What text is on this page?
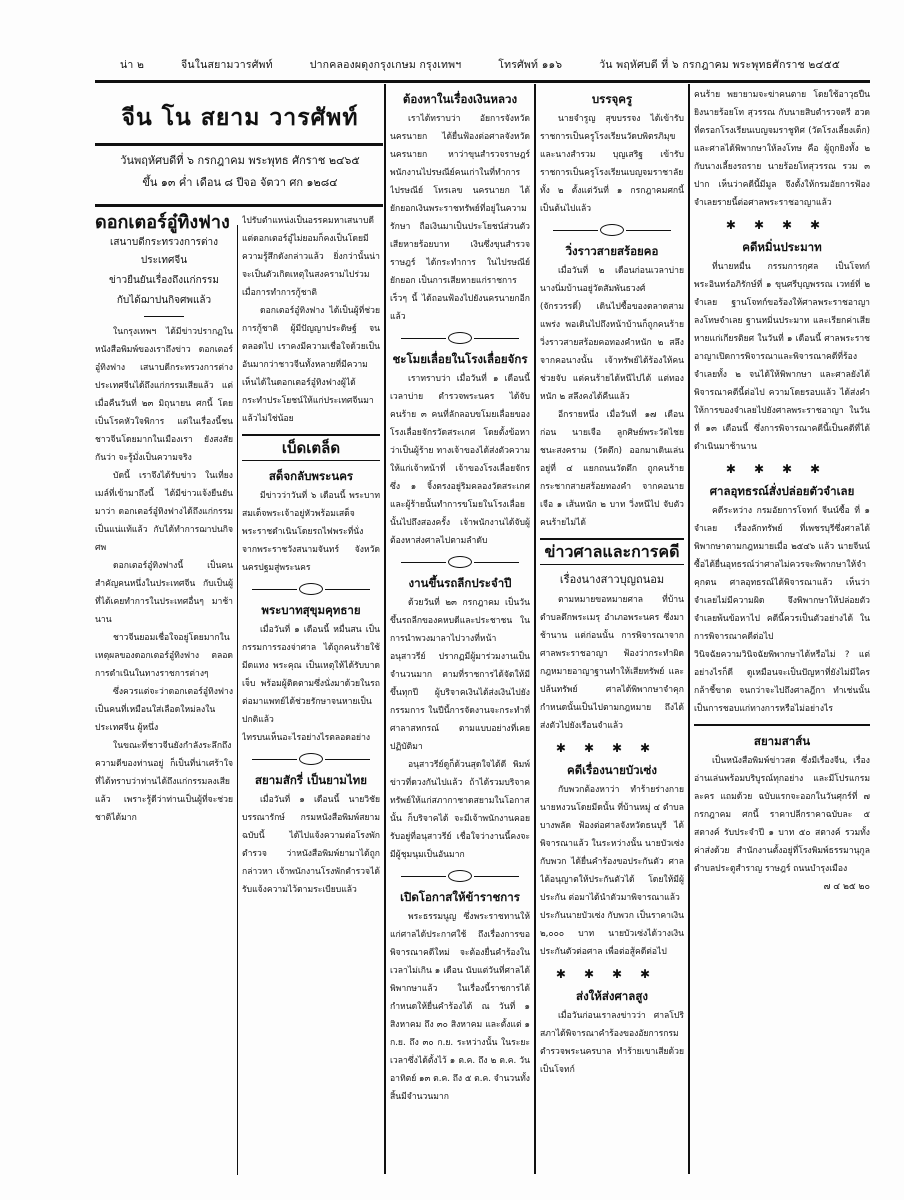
น่า ๒	จีนในสยามวารศัพท์	ปากคลองผดุงกรุงเกษม กรุงเทพฯ	โทรศัพท์ ๑๑๖	วัน พฤหัศบดี ที่ ๖ กรกฎาคม พระพุทธศักราช ๒๔๕๕
จีน โน สยาม วารศัพท์
วันพฤหัศบดีที่ ๖ กรกฎาคม พระพุทธ ศักราช ๒๔๖๕
ขึ้น ๑๓ ค่ำ เดือน ๘ ปีจอ จัตวา ศก ๑๒๘๔
ดอกเตอร์อู๋ทิงฟาง
เสนาบดีกระทรวงการต่างประเทศจีน
ข่าวยืนยันเรื่องถึงแก่กรรม
กับได้ฌาปนกิจศพแล้ว

ในกรุงเทพฯ ได้มีข่าวปรากฏในหนังสือพิมพ์ของเราถึงข่าว ดอกเตอร์อู๋ทิงฟาง เสนาบดีกระทรวงการต่างประเทศจีนได้ถึงแก่กรรมเสียแล้ว แต่เมื่อคืนวันที่ ๒๓ มิถุนายน ศกนี้ โดยเป็นโรคหัวใจพิการ แต่ในเรื่องนี้ชนชาวจีนโดยมากในเมืองเรา ยังสงสัยกันว่า จะรู้มั่งเป็นความจริง

บัดนี้ เราจึงได้รับข่าว ในเที่ยงเมล์ที่เข้ามาถึงนี้ ได้มีข่าวแจ้งยืนยันมาว่า ดอกเตอร์อู๋ทิงฟางได้ถึงแก่กรรมเป็นแน่แท้แล้ว กับได้ทำการฌาปนกิจศพ

ดอกเตอร์อู๋ทิงฟางนี้ เป็นคนสำคัญคนหนึ่งในประเทศจีน กับเป็นผู้ที่ได้เคยทำการในประเทศอื่นๆ มาช้านาน

ชาวจีนยอมเชื่อใจอยู่โดยมากในเหตุผลของดอกเตอร์อู๋ทิงฟาง ตลอดการดำเนินในทางราชการต่างๆ

ซึ่งควรแต่จะว่าดอกเตอร์อู๋ทิงฟางเป็นคนที่เหมือนใส่เลือดใหม่ลงในประเทศจีน ผู้หนึ่ง

ในขณะที่ชาวจีนยังกำลังระลึกถึงความดีของท่านอยู่ ก็เป็นที่น่าเศร้าใจ ที่ได้ทราบว่าท่านได้ถึงแก่กรรมลงเสียแล้ว เพราะรู้ดีว่าท่านเป็นผู้ที่จะช่วยชาติได้มาก

ไปรับตำแหน่งเป็นอรรคมหาเสนาบดี แต่ดอกเตอร์อู๋ไม่ยอมก็คงเป็นโดยมีความรู้สึกดังกล่าวแล้ว ยิ่งกว่านั้นน่าจะเป็นตัวเกิดเหตุในสงครามไปร่วมเมื่อการทำการกู้ชาติ

ดอกเตอร์อู๋ทิงฟาง ได้เป็นผู้ที่ช่วยการกู้ชาติ ผู้มีปัญญาประดิษฐ์ จนตลอดไป เราคงมีความเชื่อใจด้วยเป็นอันมากว่าชาวจีนทั้งหลายที่มีความเห็นได้ในดอกเตอร์อู๋ทิงฟางผู้ได้กระทำประโยชน์ให้แก่ประเทศจีนมาแล้วไม่ใช่น้อย

เบ็ดเตล็ด
สด็จกลับพระนคร

มีข่าวว่าวันที่ ๖ เดือนนี้ พระบาทสมเด็จพระเจ้าอยู่หัวพร้อมเสด็จพระราชดำเนินโดยรถไฟพระที่นั่ง จากพระราชวังสนามจันทร์ จังหวัดนครปฐมสู่พระนคร

พระบาทสุขุมคุทธาย

เมื่อวันที่ ๑ เดือนนี้ หมื่นสน เป็นกรรมการรองจ่าศาล ได้ถูกคนร้ายใช้มีดแทง พระคุณ เป็นเหตุให้ได้รับบาดเจ็บ พร้อมผู้ติดตามซึ่งนั่งมาด้วยในรถ ต่อมาแพทย์ได้ช่วยรักษาจนหายเป็นปกติแล้ว

ไทรบนเห็นอะไรอย่างไรตลอดอย่าง

สยามสักรี่ เป็นยามไทย

เมื่อวันที่ ๑ เดือนนี้ นายวิชัย บรรณารักษ์ กรมหนังสือพิมพ์สยาม ฉบับนี้ ได้ไปแจ้งความต่อโรงพักตำรวจ ว่าหนังสือพิมพ์ยามาได้ถูกกล่าวหา เจ้าพนักงานโรงพักตำรวจได้รับแจ้งความไว้ตามระเบียบแล้ว

ต้องหาในเรื่องเงินหลวง

เราได้ทราบว่า อัยการจังหวัดนครนายก ได้ยื่นฟ้องต่อศาลจังหวัดนครนายก หาว่าขุนสำรวจราษฎร์ พนักงานไปรษณีย์คนเก่าในที่ทำการไปรษณีย์ โทรเลข นครนายก ได้ยักยอกเงินพระราชทรัพย์ที่อยู่ในความรักษา ถือเงินมาเป็นประโยชน์ส่วนตัว เสียหายร้อยบาท เงินซึ่งขุนสำรวจราษฎร์ ได้กระทำการ ในไปรษณีย์ยักยอก เป็นการเสียหายแก่ราชการ

เร็วๆ นี้ ได้ถอนฟ้องไปยังนครนายกอีกแล้ว

ชะโมยเลื่อยในโรงเลื่อยจักร

เราทราบว่า เมื่อวันที่ ๑ เดือนนี้ เวลาบ่าย ตำรวจพระนคร ได้จับคนร้าย ๓ คนที่ลักลอบขโมยเลื่อยของโรงเลื่อยจักรวัดสระเกศ โดยตั้งข้อหาว่าเป็นผู้ร้าย ทางเจ้าของได้ส่งตัวความให้แก่เจ้าหน้าที่ เจ้าของโรงเลื่อยจักร ซึ่ง ๑ จิ้งตรงอยู่ริมคลองวัดสระเกศ และผู้ร้ายนั้นทำการขโมยในโรงเลื่อยนั้นไปถึงสองครั้ง เจ้าพนักงานได้จับผู้ต้องหาส่งศาลไปตามลำดับ

งานขึ้นรถลีกประจำปี

ด้วยวันที่ ๒๓ กรกฎาคม เป็นวันขึ้นรถลีกของคหบดีและประชาชน ในการนำพวงมาลาไปวางที่หน้าอนุสาวรีย์ ปรากฏมีผู้มาร่วมงานเป็นจำนวนมาก ตามที่ราชการได้จัดให้มีขึ้นทุกปี ผู้บริจาคเงินได้ส่งเงินไปยังกรรมการ ในปีนี้การจัดงานจะกระทำที่ศาลาสหกรณ์ ตามแบบอย่างที่เคยปฏิบัติมา

อนุสาวรีย์ดูก็ด้วนสุดใจได้ดี พิมพ์ข่าวที่ดวงกันไปแล้ว ถ้าได้รวมบริจาคทรัพย์ให้แก่สภากาชาดสยามในโอกาสนั้น ก็บริจาคได้ จะมีเจ้าพนักงานคอยรับอยู่ที่อนุสาวรีย์ เชื่อใจว่างานนี้คงจะมีผู้ชุมนุมเป็นอันมาก

เปิดโอกาสให้ข้าราชการ

พระธรรมนูญ ซึ่งพระราชทานให้แก่ศาลได้ประกาศใช้ ถึงเรื่องการขอพิจารณาคดีใหม่ จะต้องยื่นคำร้องในเวลาไม่เกิน ๑ เดือน นับแต่วันที่ศาลได้พิพากษาแล้ว ในเรื่องนี้ราชการได้กำหนดให้ยื่นคำร้องได้ ณ วันที่ ๑ สิงหาคม ถึง ๓๐ สิงหาคม และตั้งแต่ ๑ ก.ย. ถึง ๓๐ ก.ย. ระหว่างนั้น ในระยะเวลาซึ่งได้ตั้งไว้ ๑ ต.ค. ถึง ๒ ต.ค. วันอาทิตย์ ๑๓ ต.ค. ถึง ๕ ต.ค. จำนวนทั้งสิ้นมีจำนวนมาก

บรรจุครู

นายจำรูญ สุขบรรจง ได้เข้ารับราชการเป็นครูโรงเรียนวัดบพิตรภิมุข และนางสำรวม บุญเสริฐ เข้ารับราชการเป็นครูโรงเรียนเบญจมราชาลัย ทั้ง ๒ ตั้งแต่วันที่ ๑ กรกฎาคมศกนี้เป็นต้นไปแล้ว

วิ่งราวสายสร้อยคอ

เมื่อวันที่ ๒ เดือนก่อนเวลาบ่าย นางนิ่มบ้านอยู่วัดสัมพันธวงศ์ (จักรวรรดิ์) เดินไปซื้อของตลาดสามแพร่ง พอเดินไปถึงหน้าบ้านก็ถูกคนร้ายวิ่งราวสายสร้อยคอทองคำหนัก ๒ สลึง จากคอนางนั้น เจ้าทรัพย์ได้ร้องให้คนช่วยจับ แต่คนร้ายได้หนีไปได้ แต่ทองหนัก ๒ สลึงคงได้คืนแล้ว

อีกรายหนึ่ง เมื่อวันที่ ๑๗ เดือนก่อน นายเจือ ลูกศิษย์พระวัดไชยชนะสงคราม (วัดตึก) ออกมาเดินเล่นอยู่ที่ ๔ แยกถนนวัดตึก ถูกคนร้ายกระชากสายสร้อยทองคำ จากคอนายเจือ ๑ เส้นหนัก ๒ บาท วิ่งหนีไป จับตัวคนร้ายไม่ได้

ข่าวศาลและการคดี
เรื่องนางสาวบุญถนอม

ตามหมายขอหมายศาล ที่บ้านตำบลตึกพระเมรุ อำเภอพระนคร ซึ่งมาช้านาน แต่ก่อนนั้น การพิจารณาจากศาลพระราชอาญา ฟ้องว่ากระทำผิดกฎหมายอาญาฐานทำให้เสียทรัพย์ และปล้นทรัพย์ ศาลได้พิพากษาจำคุกกำหนดนั้นเป็นไปตามกฎหมาย ถึงได้ส่งตัวไปยังเรือนจำแล้ว

✱✱✱✱
คดีเรื่องนายบัวเซ่ง

กับพวกต้องหาว่า ทำร้ายร่างกายนายหงวนโดยมีดนั้น ที่บ้านหมู่ ๔ ตำบลบางพลัด ฟ้องต่อศาลจังหวัดธนบุรี ได้พิจารณาแล้ว ในระหว่างนั้น นายบัวเซ่งกับพวก ได้ยื่นคำร้องขอประกันตัว ศาลได้อนุญาตให้ประกันตัวได้ โดยให้มีผู้ประกัน ต่อมาได้นำตัวมาพิจารณาแล้ว

ประกันนายบัวเซ่ง กับพวก เป็นราคาเงิน ๒,๐๐๐ บาท นายบัวเซ่งได้วางเงินประกันตัวต่อศาล เพื่อต่อสู้คดีต่อไป

✱✱✱✱
ส่งให้ส่งศาลสูง

เมื่อวันก่อนเราลงข่าวว่า ศาลโปริสภาได้พิจารณาคำร้องของอัยการกรมตำรวจพระนครบาล ทำร้ายเขาเสียด้วยเป็นโจทก์

คนร้าย พยายามจะฆ่าคนตาย โดยใช้อาวุธปืนยิงนายร้อยโท สุวรรณ กับนายสิบตำรวจตรี ฮวดที่ตรอกโรงเรียนเบญจมราชูทิศ (วัดโรงเลี้ยงเด็ก) และศาลได้พิพากษาให้ลงโทษ คือ ผู้ถูกยิงทั้ง ๒ กับนางเลี้ยงรถราย นายร้อยโทสุวรรณ รวม ๓ ปาก เห็นว่าคดีนี้มีมูล จึงตั้งให้กรมอัยการฟ้องจำเลยรายนี้ต่อศาลพระราชอาญาแล้ว

✱✱✱✱
คดีหมิ่นประมาท

ที่นายหมื่น กรรมการกุศล เป็นโจทก์ พระอินทร์อภิรักษ์ที่ ๑ ขุนศรีบุญพรรณ เวทย์ที่ ๒ จำเลย ฐานโจทก์ขอร้องให้ศาลพระราชอาญาลงโทษจำเลย ฐานหมิ่นประมาท และเรียกค่าเสียหายแก่เกียรติยศ ในวันที่ ๑ เดือนนี้ ศาลพระราชอาญาเปิดการพิจารณาและพิจารณาคดีที่ร้องจำเลยทั้ง ๒ จนได้ให้พิพากษา และศาลยังได้พิจารณาคดีนี้ต่อไป ความโดยรอบแล้ว ได้ส่งคำให้การของจำเลยไปยังศาลพระราชอาญา ในวันที่ ๑๓ เดือนนี้ ซึ่งการพิจารณาคดีนี้เป็นคดีที่ได้ดำเนินมาช้านาน

✱✱✱✱
ศาลอุทธรณ์สั่งปล่อยตัวจำเลย

คดีระหว่าง กรมอัยการโจทก์ จีนน์ซื้อ ที่ ๑ จำเลย เรื่องลักทรัพย์ ที่เพชรบุรีซึ่งศาลได้พิพากษาตามกฎหมายเมื่อ ๒๕๔๖ แล้ว นายจีนน์ซื้อได้ยื่นอุทธรณ์ว่าศาลไม่ควรจะพิพากษาให้จำคุกตน ศาลอุทธรณ์ได้พิจารณาแล้ว เห็นว่าจำเลยไม่มีความผิด จึงพิพากษาให้ปล่อยตัวจำเลยพ้นข้อหาไป คดีนี้ควรเป็นตัวอย่างได้ ในการพิจารณาคดีต่อไป

วินิจฉัยความวินิจฉัยพิพากษาได้หรือไม่ ? แต่อย่างไรก็ดี ดูเหมือนจะเป็นปัญหาที่ยังไม่มีใครกล้าชี้ขาด จนกว่าจะไปถึงศาลฎีกา ทำเช่นนั้น เป็นการชอบแก่ทางการหรือไม่อย่างไร

สยามสาส์น

เป็นหนังสือพิมพ์ข่าวสด ซึ่งมีเรื่องจีน, เรื่องอ่านเล่นพร้อมบริบูรณ์ทุกอย่าง และมีโปรแกรมละคร แถมด้วย ฉบับแรกจะออกในวันศุกร์ที่ ๗ กรกฎาคม ศกนี้ ราคาปลีกราคาฉบับละ ๕ สตางค์ รับประจำปี ๑ บาท ๕๐ สตางค์ รวมทั้งค่าส่งด้วย สำนักงานตั้งอยู่ที่โรงพิมพ์ธรรมานุกูล ตำบลประตูสำราญ ราษฎร์ ถนนบำรุงเมือง

๗ ๔ ๒๕ ๒๐
